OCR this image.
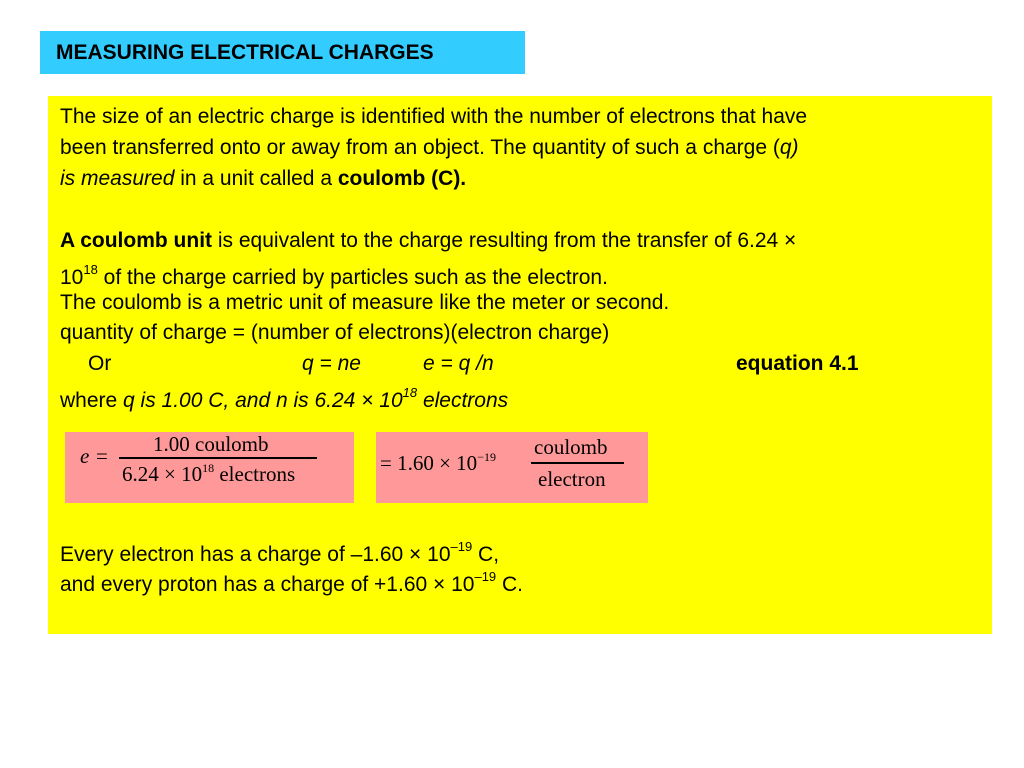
MEASURING ELECTRICAL CHARGES
The size of an electric charge is identified with the number of electrons that have
been transferred onto or away from an object. The quantity of such a charge (q)
is measured in a unit called a coulomb (C).
A coulomb unit is equivalent to the charge resulting from the transfer of 6.24 ×
$10^{18}$ of the charge carried by particles such as the electron.
The coulomb is a metric unit of measure like the meter or second.
quantity of charge = (number of electrons)(electron charge)
Or	q = ne	e = q /n	equation 4.1
where q is 1.00 C, and n is $6.24 \times 10^{18}$ electrons
e = 1.00 coulomb
$6.24 \times 10^{18}$ electrons	= $1.60 \times 10^{-19}$ coulomb
electron
Every electron has a charge of $-1.60 \times 10^{-19}$ C,
and every proton has a charge of $+1.60 \times 10^{-19}$ C.
